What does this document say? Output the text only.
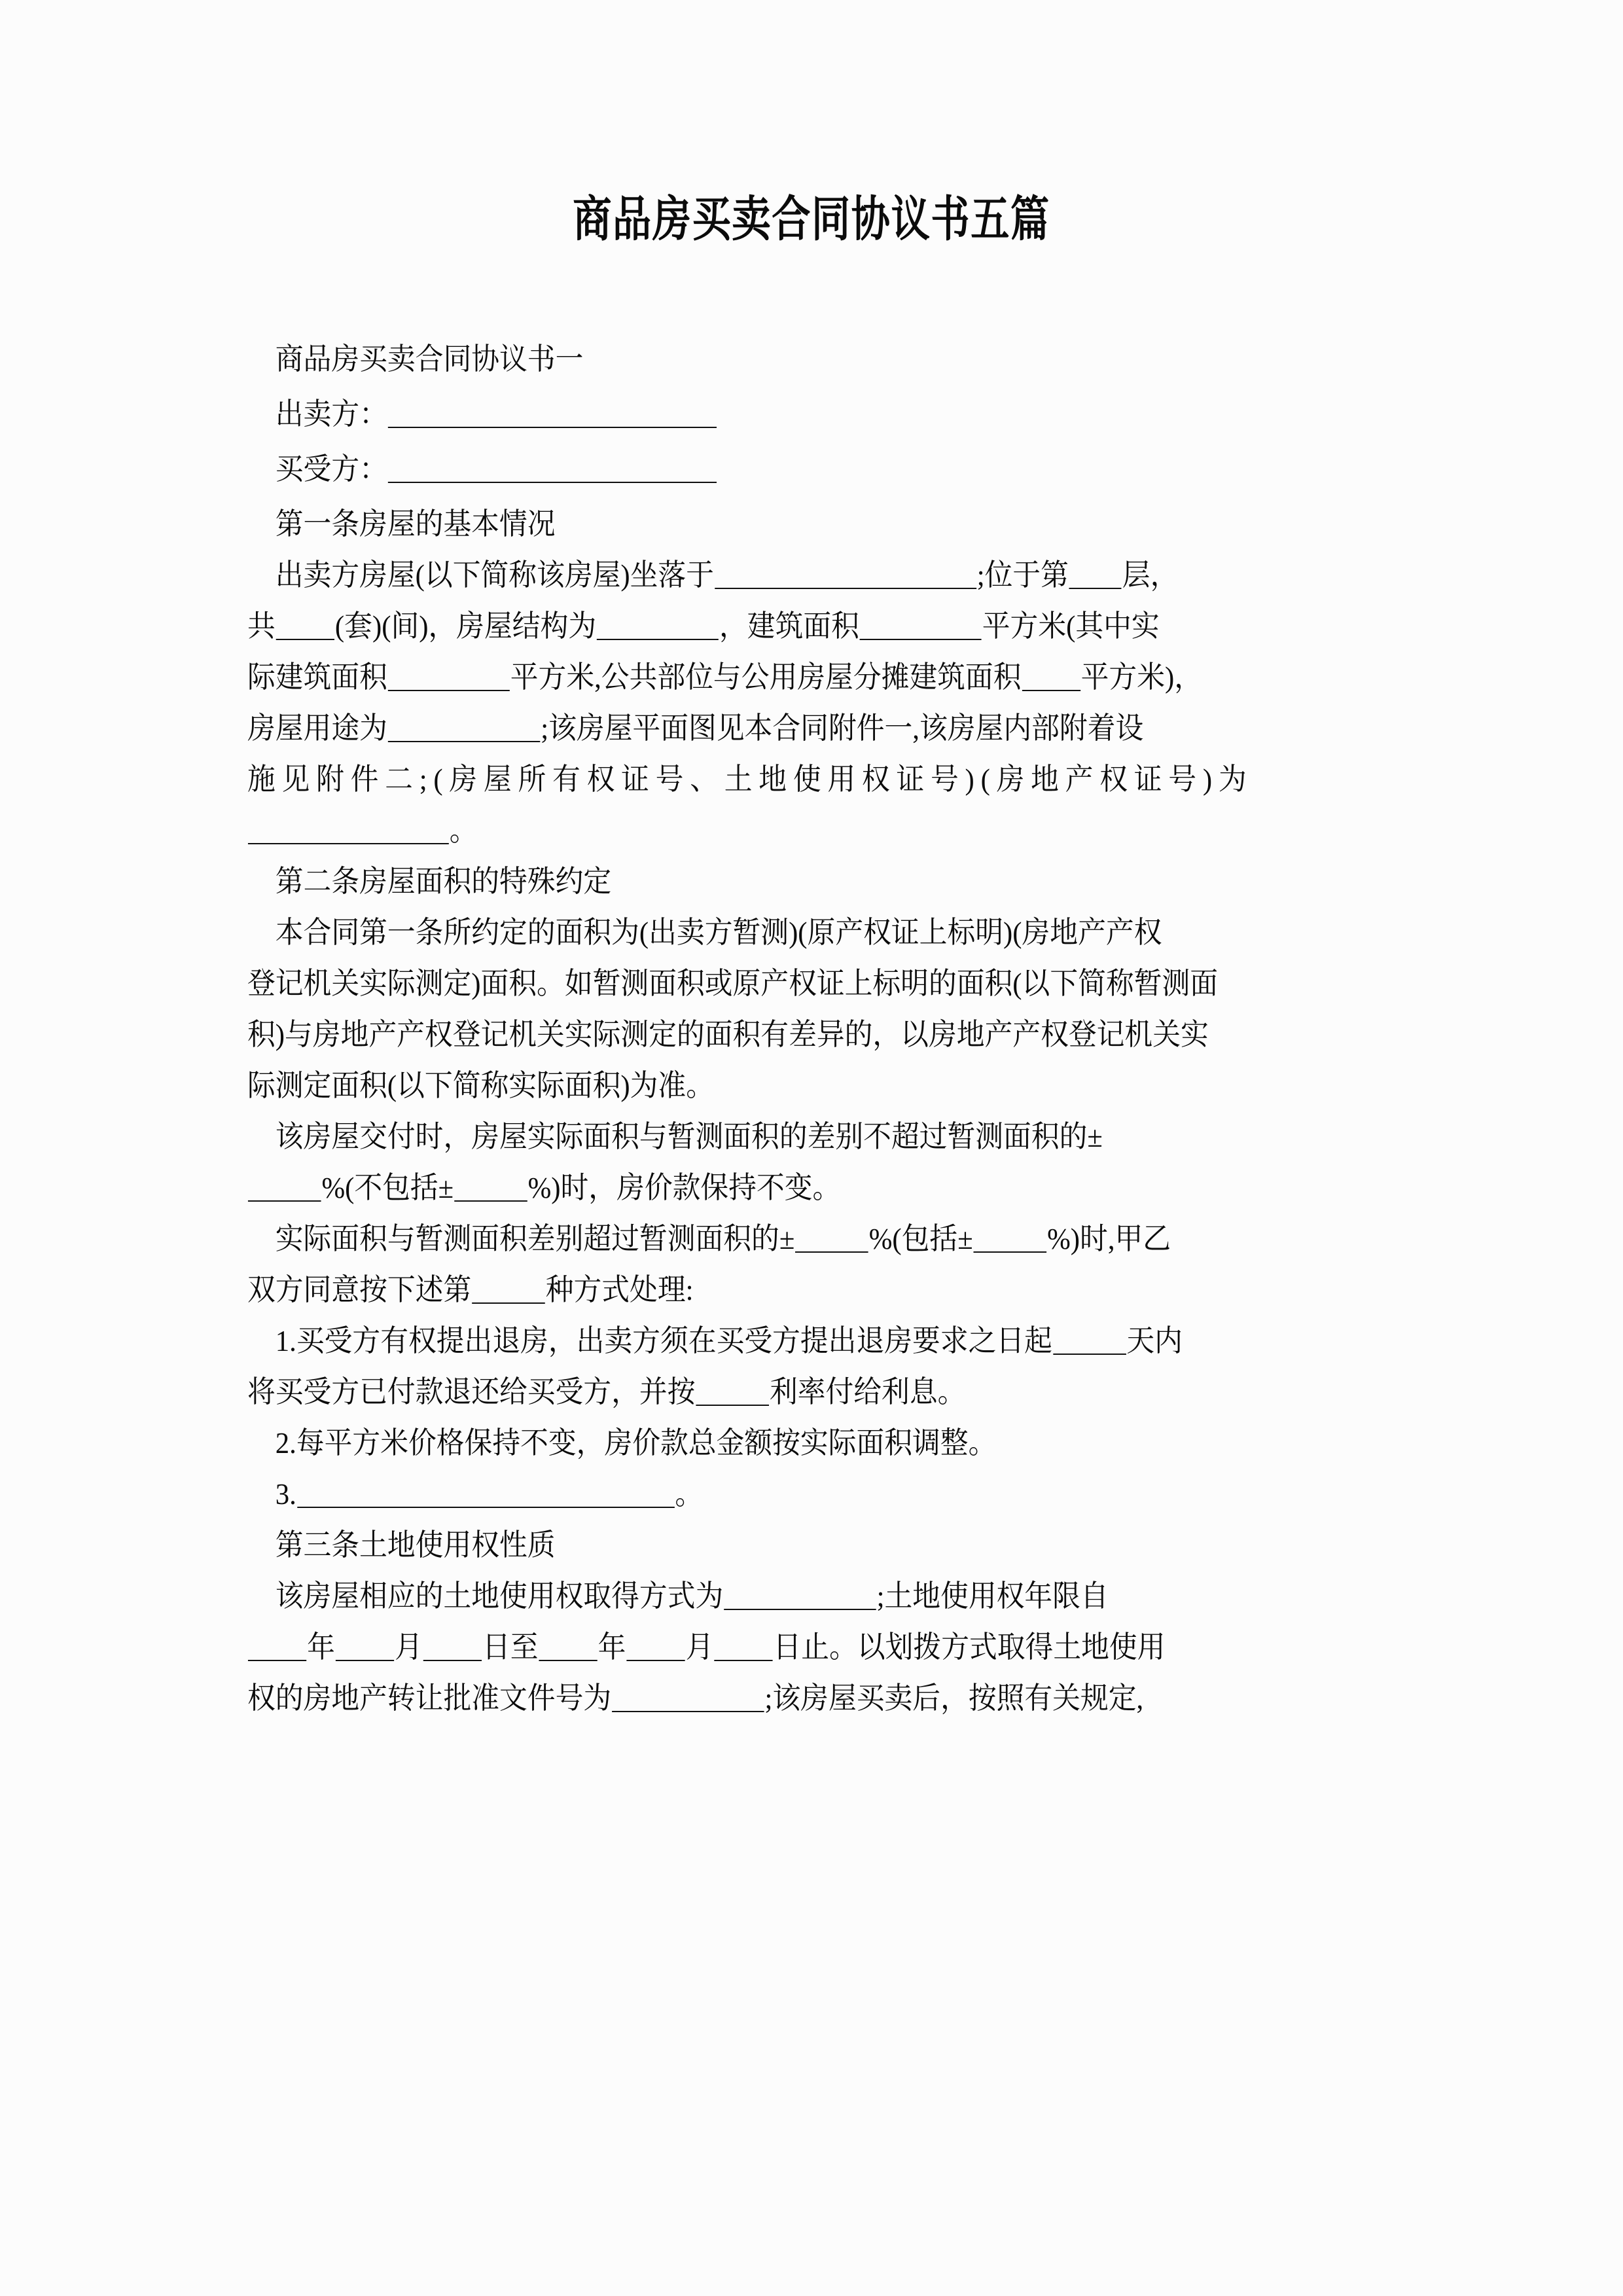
商品房买卖合同协议书五篇
商品房买卖合同协议书一
出卖方：
买受方：
第一条房屋的基本情况
出卖方房屋(以下简称该房屋)坐落于	;位于第 层，
共 (套)(间)，房屋结构为	，建筑面积	平方米(其中实
际建筑面积	平方米,公共部位与公用房屋分摊建筑面积 平方米)，
房屋用途为	;该房屋平面图见本合同附件一,该房屋内部附着设
施见附件二;(房屋所有权证号、土地使用权证号)(房地产权证号)为
。
第二条房屋面积的特殊约定
本合同第一条所约定的面积为(出卖方暂测)(原产权证上标明)(房地产产权
登记机关实际测定)面积。如暂测面积或原产权证上标明的面积(以下简称暂测面
积)与房地产产权登记机关实际测定的面积有差异的，以房地产产权登记机关实
际测定面积(以下简称实际面积)为准。
该房屋交付时，房屋实际面积与暂测面积的差别不超过暂测面积的±
%(不包括± %)时，房价款保持不变。
实际面积与暂测面积差别超过暂测面积的± %(包括± %)时,甲乙
双方同意按下述第 种方式处理:
1.买受方有权提出退房，出卖方须在买受方提出退房要求之日起 天内
将买受方已付款退还给买受方，并按 利率付给利息。
2.每平方米价格保持不变，房价款总金额按实际面积调整。
3.	。
第三条土地使用权性质
该房屋相应的土地使用权取得方式为	;土地使用权年限自
年 月 日至 年 月 日止。以划拨方式取得土地使用
权的房地产转让批准文件号为	;该房屋买卖后，按照有关规定,
